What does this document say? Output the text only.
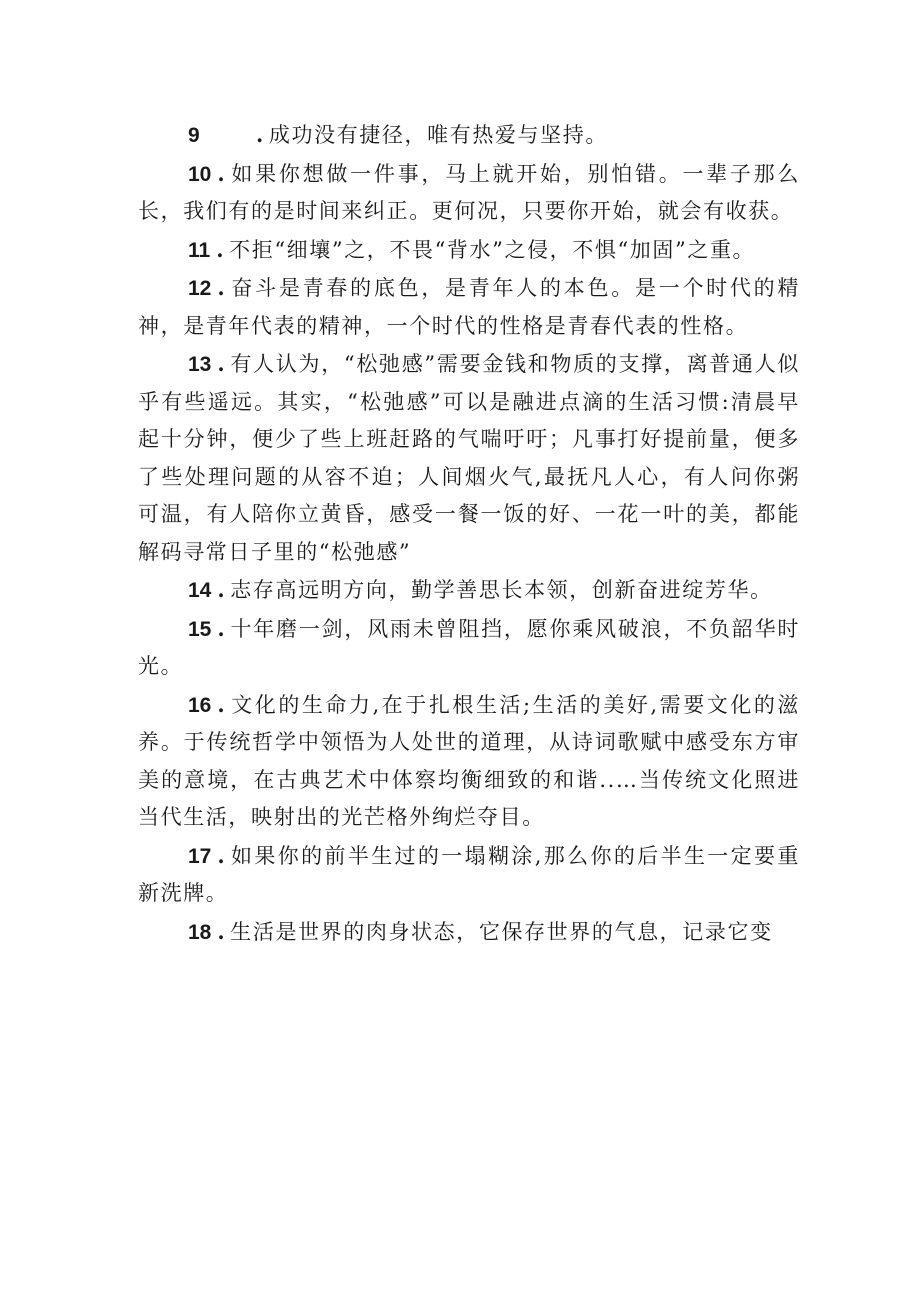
9	. 成功没有捷径，唯有热爱与坚持。

10 . 如果你想做一件事，马上就开始，别怕错。一辈子那么长，我们有的是时间来纠正。更何况，只要你开始，就会有收获。

11 . 不拒“细壤”之，不畏“背水”之侵，不惧“加固”之重。

12 . 奋斗是青春的底色，是青年人的本色。是一个时代的精神，是青年代表的精神，一个时代的性格是青春代表的性格。

13 . 有人认为，“松弛感”需要金钱和物质的支撑，离普通人似乎有些遥远。其实，“松弛感”可以是融进点滴的生活习惯:清晨早起十分钟，便少了些上班赶路的气喘吁吁；凡事打好提前量，便多了些处理问题的从容不迫；人间烟火气,最抚凡人心，有人问你粥可温，有人陪你立黄昏，感受一餐一饭的好、一花一叶的美，都能解码寻常日子里的“松弛感”

14 . 志存高远明方向，勤学善思长本领，创新奋进绽芳华。

15 . 十年磨一剑，风雨未曾阻挡，愿你乘风破浪，不负韶华时光。

16 . 文化的生命力,在于扎根生活;生活的美好,需要文化的滋养。于传统哲学中领悟为人处世的道理，从诗词歌赋中感受东方审美的意境，在古典艺术中体察均衡细致的和谐..…当传统文化照进当代生活，映射出的光芒格外绚烂夺目。

17 . 如果你的前半生过的一塌糊涂,那么你的后半生一定要重新洗牌。

18 . 生活是世界的肉身状态，它保存世界的气息，记录它变
